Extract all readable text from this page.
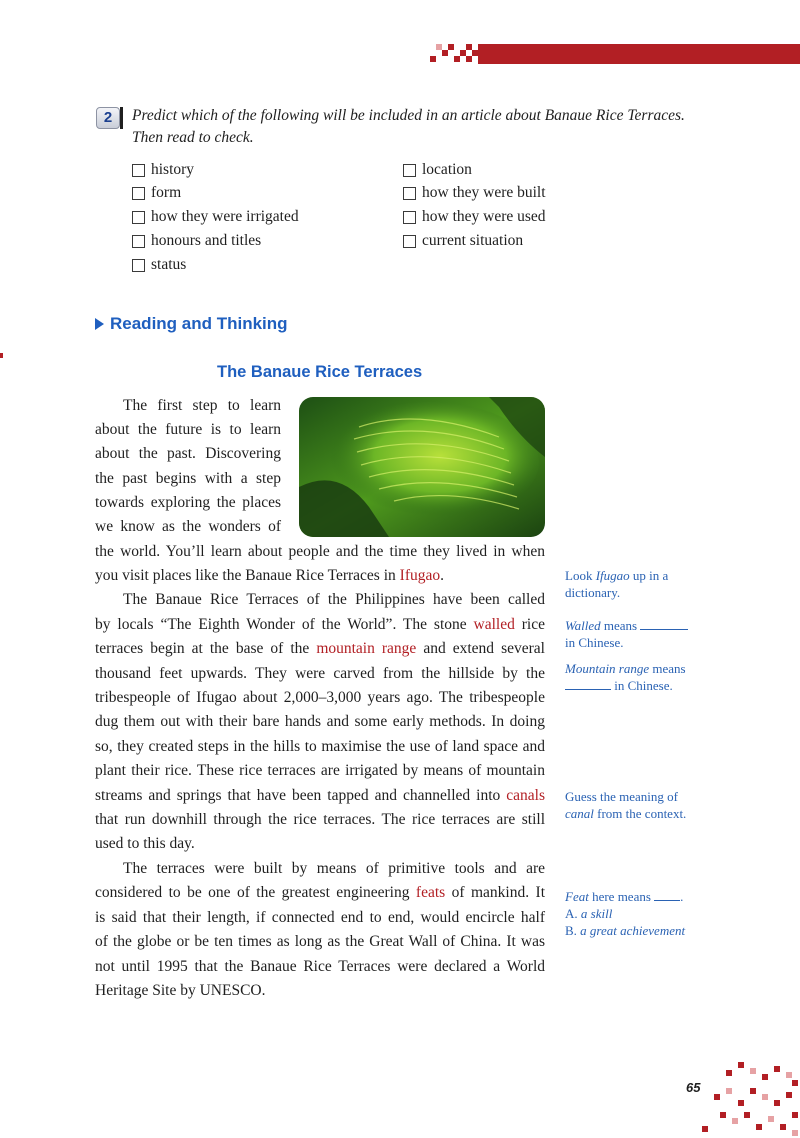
2	Predict which of the following will be included in an article about Banaue Rice Terraces.
Then read to check.
history
form
how they were irrigated
honours and titles
status
location
how they were built
how they were used
current situation
Reading and Thinking
The Banaue Rice Terraces
The first step to learn
about the future is to learn
about the past. Discovering
the past begins with a step
towards exploring the places
we know as the wonders of
the world. You’ll learn about people and the time they lived in when
you visit places like the Banaue Rice Terraces in Ifugao.
The Banaue Rice Terraces of the Philippines have been called
by locals “The Eighth Wonder of the World”. The stone walled rice
terraces begin at the base of the mountain range and extend several
thousand feet upwards. They were carved from the hillside by the
tribespeople of Ifugao about 2,000–3,000 years ago. The tribespeople
dug them out with their bare hands and some early methods. In doing
so, they created steps in the hills to maximise the use of land space and
plant their rice. These rice terraces are irrigated by means of mountain
streams and springs that have been tapped and channelled into canals
that run downhill through the rice terraces. The rice terraces are still
used to this day.
The terraces were built by means of primitive tools and are
considered to be one of the greatest engineering feats of mankind. It
is said that their length, if connected end to end, would encircle half
of the globe or be ten times as long as the Great Wall of China. It was
not until 1995 that the Banaue Rice Terraces were declared a World
Heritage Site by UNESCO.
Look Ifugao up in a dictionary.
Walled means
in Chinese.
Mountain range means
in Chinese.
Guess the meaning of
canal from the context.
Feat here means .
A. a skill
B. a great achievement
65
